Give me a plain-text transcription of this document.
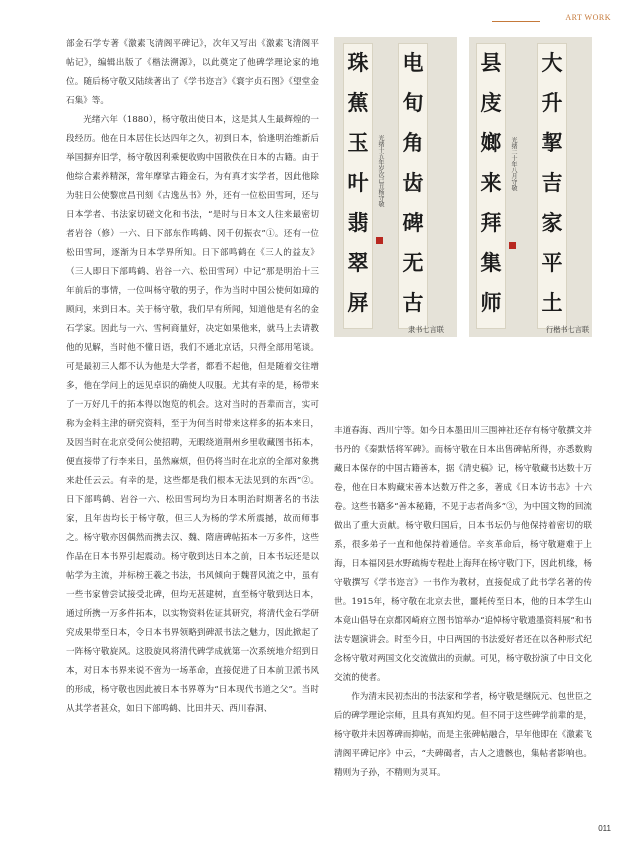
ART WORK

部金石学专著《激素飞清阁平碑记》，次年又写出《激素飞清阁平帖记》，编辑出版了《楷法溯源》，以此奠定了他碑学理论家的地位。随后杨守敬又陆续著出了《学书迩言》《寰宇贞石图》《望堂金石集》等。

光绪六年（1880），杨守敬出使日本，这是其人生最辉煌的一段经历。他在日本居住长达四年之久，初到日本，恰逢明治维新后举国摒弃旧学，杨守敬因利乘便收购中国散佚在日本的古籍。由于他综合素养精深，常年摩挲古籍金石，为有真才实学者，因此他除为驻日公使黎庶昌刊刻《古逸丛书》外，还有一位松田雪珂，还与日本学者、书法家切磋文化和书法，“是时与日本文人往来最密切者岩谷（修）一六、日下部东作鸣鹤、冈千仞振衣”①。还有一位松田雪珂，逐渐为日本学界所知。日下部鸣鹤在《三人的益友》（三人即日下部鸣鹤、岩谷一六、松田雪珂）中记“那是明治十三年前后的事情，一位叫杨守敬的男子，作为当时中国公使何如璋的顾问，来到日本。关于杨守敬，我们早有所闻，知道他是有名的金石学家。因此与一六、雪柯商量好，决定如果他来，就马上去请教他的见解，当时他不懂日语，我们不通北京话，只得全部用笔谈。可是最初三人都不认为他是大学者，都看不起他，但是随着交往增多，他在学问上的远见卓识的确使人叹服。尤其有幸的是，杨带来了一万好几千的拓本得以饱览的机会。这对当时的吾辈而言，实可称为金料主津的研究资料，至于为何当时带来这样多的拓本来日，及因当时在北京受何公使招聘，无暇绕道荆州乡里收藏图书拓本，便直接带了行李来日，虽然麻烦，但仍将当时在北京的全部对象携来赴任云云。有幸的是，这些都是我们根本无法见到的东西”②。日下部鸣鹤、岩谷一六、松田雪珂均为日本明治时期著名的书法家，且年齿均长于杨守敬，但三人为杨的学术所震撼，故而师事之。杨守敬亦因偶然而携去汉、魏、隋唐碑帖拓本一万多件，这些作品在日本书界引起震动。杨守敬到达日本之前，日本书坛还是以帖学为主流，并标榜王羲之书法，书风倾向于魏晋风流之中，虽有一些书家曾尝试接受北碑，但均无甚建树，直至杨守敬到达日本，通过所携一万多件拓本，以实物资料佐证其研究，将清代金石学研究成果带至日本，令日本书界领略到碑派书法之魅力，因此掀起了一阵杨守敬旋风。这股旋风将清代碑学成就第一次系统地介绍到日本，对日本书界来说不啻为一场革命，直接促进了日本前卫派书风的形成，杨守敬也因此被日本书界尊为“日本现代书道之父”。当时从其学者甚众，如日下部鸣鹤、比田井天、西川春洞、

电
旬
角
齿
碑
无
古
珠
蕉
玉
叶
翡
翠
屏
光绪十五年岁次己丑杨守敬
隶书七言联
县
庋
嫏
来
拜
集
师
大
升
挈
吉
家
平
土
光绪二十年八月守敬
行楷书七言联

丰道春海、西川宁等。如今日本墨田川三围神社还存有杨守敬撰文并书丹的《秦默恬将军碑》。而杨守敬在日本出售碑帖所得，亦悉数购藏日本保存的中国古籍善本，据《清史稿》记，杨守敬藏书达数十万卷，他在日本购藏宋善本达数万件之多，著成《日本访书志》十六卷。这些书籍多“善本秘籍，不见于志者尚多”③，为中国文物的回流做出了重大贡献。杨守敬归国后，日本书坛仍与他保持着密切的联系，很多弟子一直和他保持着通信。辛亥革命后，杨守敬避难于上海，日本福冈县水野疏梅专程赴上海拜在杨守敬门下，因此机缘，杨守敬撰写《学书迩言》一书作为教材，直接促成了此书学名著的传世。1915年，杨守敬在北京去世，噩耗传至日本，他的日本学生山本竟山倡导在京都冈崎府立图书馆举办“追悼杨守敬遗墨资料展”和书法专题演讲会。时至今日，中日两国的书法爱好者还在以各种形式纪念杨守敬对两国文化交流做出的贡献。可见，杨守敬扮演了中日文化交流的使者。

作为清末民初杰出的书法家和学者，杨守敬是继阮元、包世臣之后的碑学理论宗师，且具有真知灼见。但不同于这些碑学前辈的是，杨守敬并未因尊碑而抑帖，而是主张碑帖融合，早年他即在《激素飞清阁平碑记序》中云，“夫碑碣者，古人之遗骸也，集帖者影响也。精则为子孙，不精则为灵耳。

011
